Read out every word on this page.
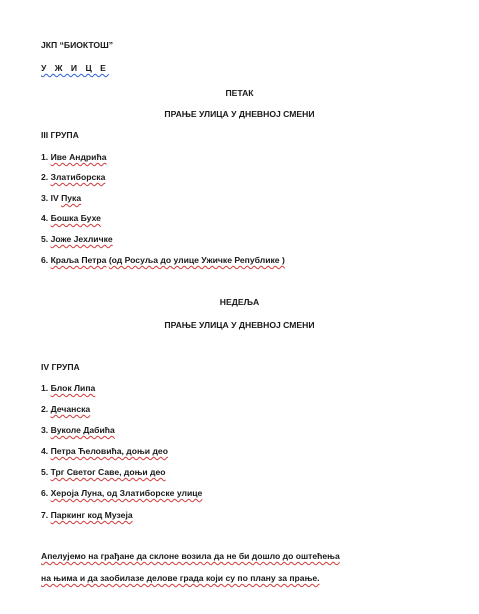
ЈКП “БИОКТОШ”
У Ж И Ц Е
ПЕТАК
ПРАЊЕ УЛИЦА У ДНЕВНОЈ СМЕНИ
III ГРУПА
1. Иве Андрића
2. Златиборска
3. IV Пука
4. Бошка Бухе
5. Јоже Јехличке
6. Краља Петра (од Росуља до улице Ужичке Републике )
НЕДЕЉА
ПРАЊЕ УЛИЦА У ДНЕВНОЈ СМЕНИ
IV ГРУПА
1. Блок Липа
2. Дечанска
3. Вуколе Дабића
4. Петра Ћеловића, доњи део
5. Трг Светог Саве, доњи део
6. Хероја Луна, од Златиборске улице
7. Паркинг код Музеја
Апелујемо на грађане да склоне возила да не би дошло до оштећења
на њима и да заобилазе делове града који су по плану за прање.
